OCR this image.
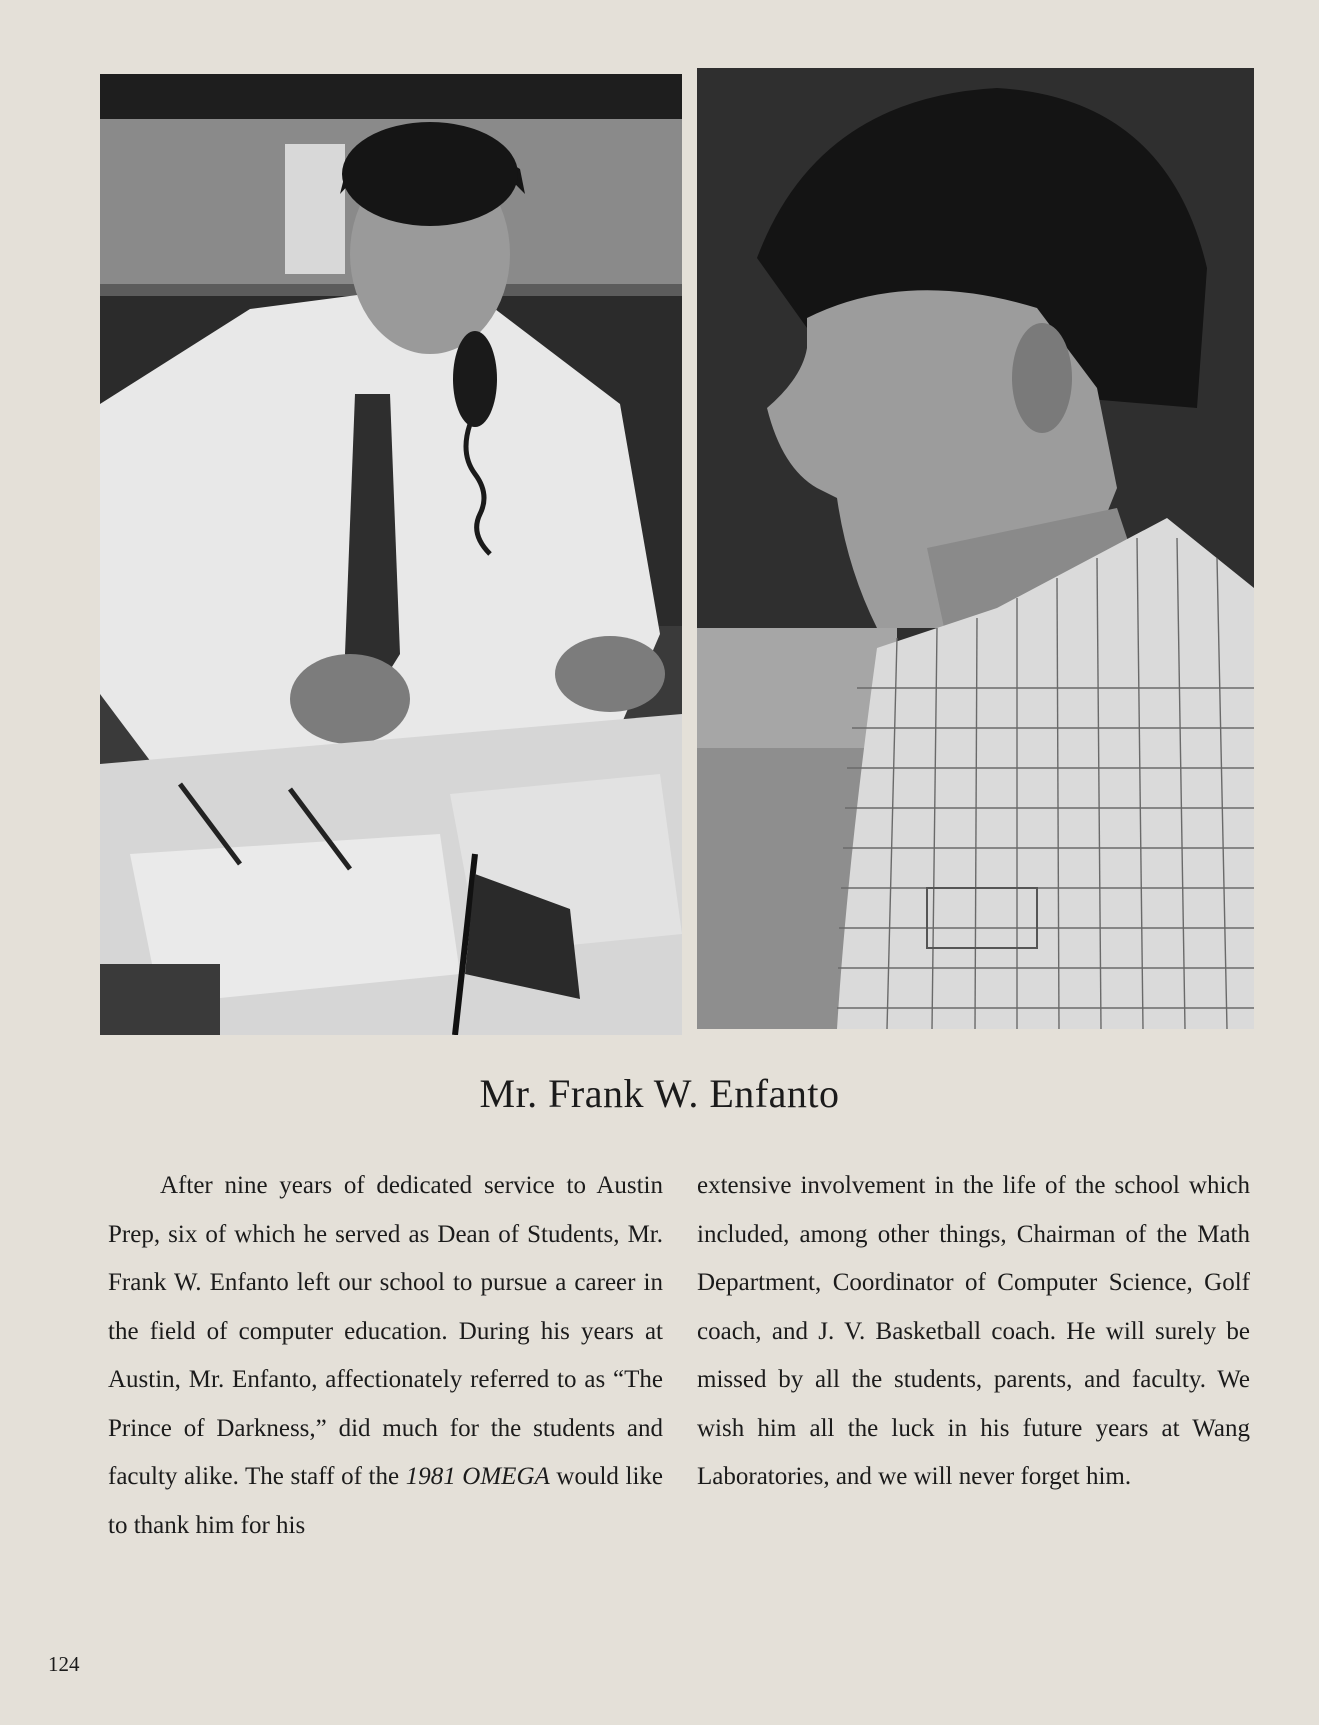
Mr. Frank W. Enfanto

After nine years of dedicated service to Austin Prep, six of which he served as Dean of Students, Mr. Frank W. Enfanto left our school to pursue a career in the field of computer education. During his years at Austin, Mr. Enfanto, affectionately referred to as “The Prince of Darkness,” did much for the students and faculty alike. The staff of the 1981 OMEGA would like to thank him for his

extensive involvement in the life of the school which included, among other things, Chairman of the Math Department, Coordinator of Computer Science, Golf coach, and J. V. Basketball coach. He will surely be missed by all the students, parents, and faculty. We wish him all the luck in his future years at Wang Laboratories, and we will never forget him.

124
